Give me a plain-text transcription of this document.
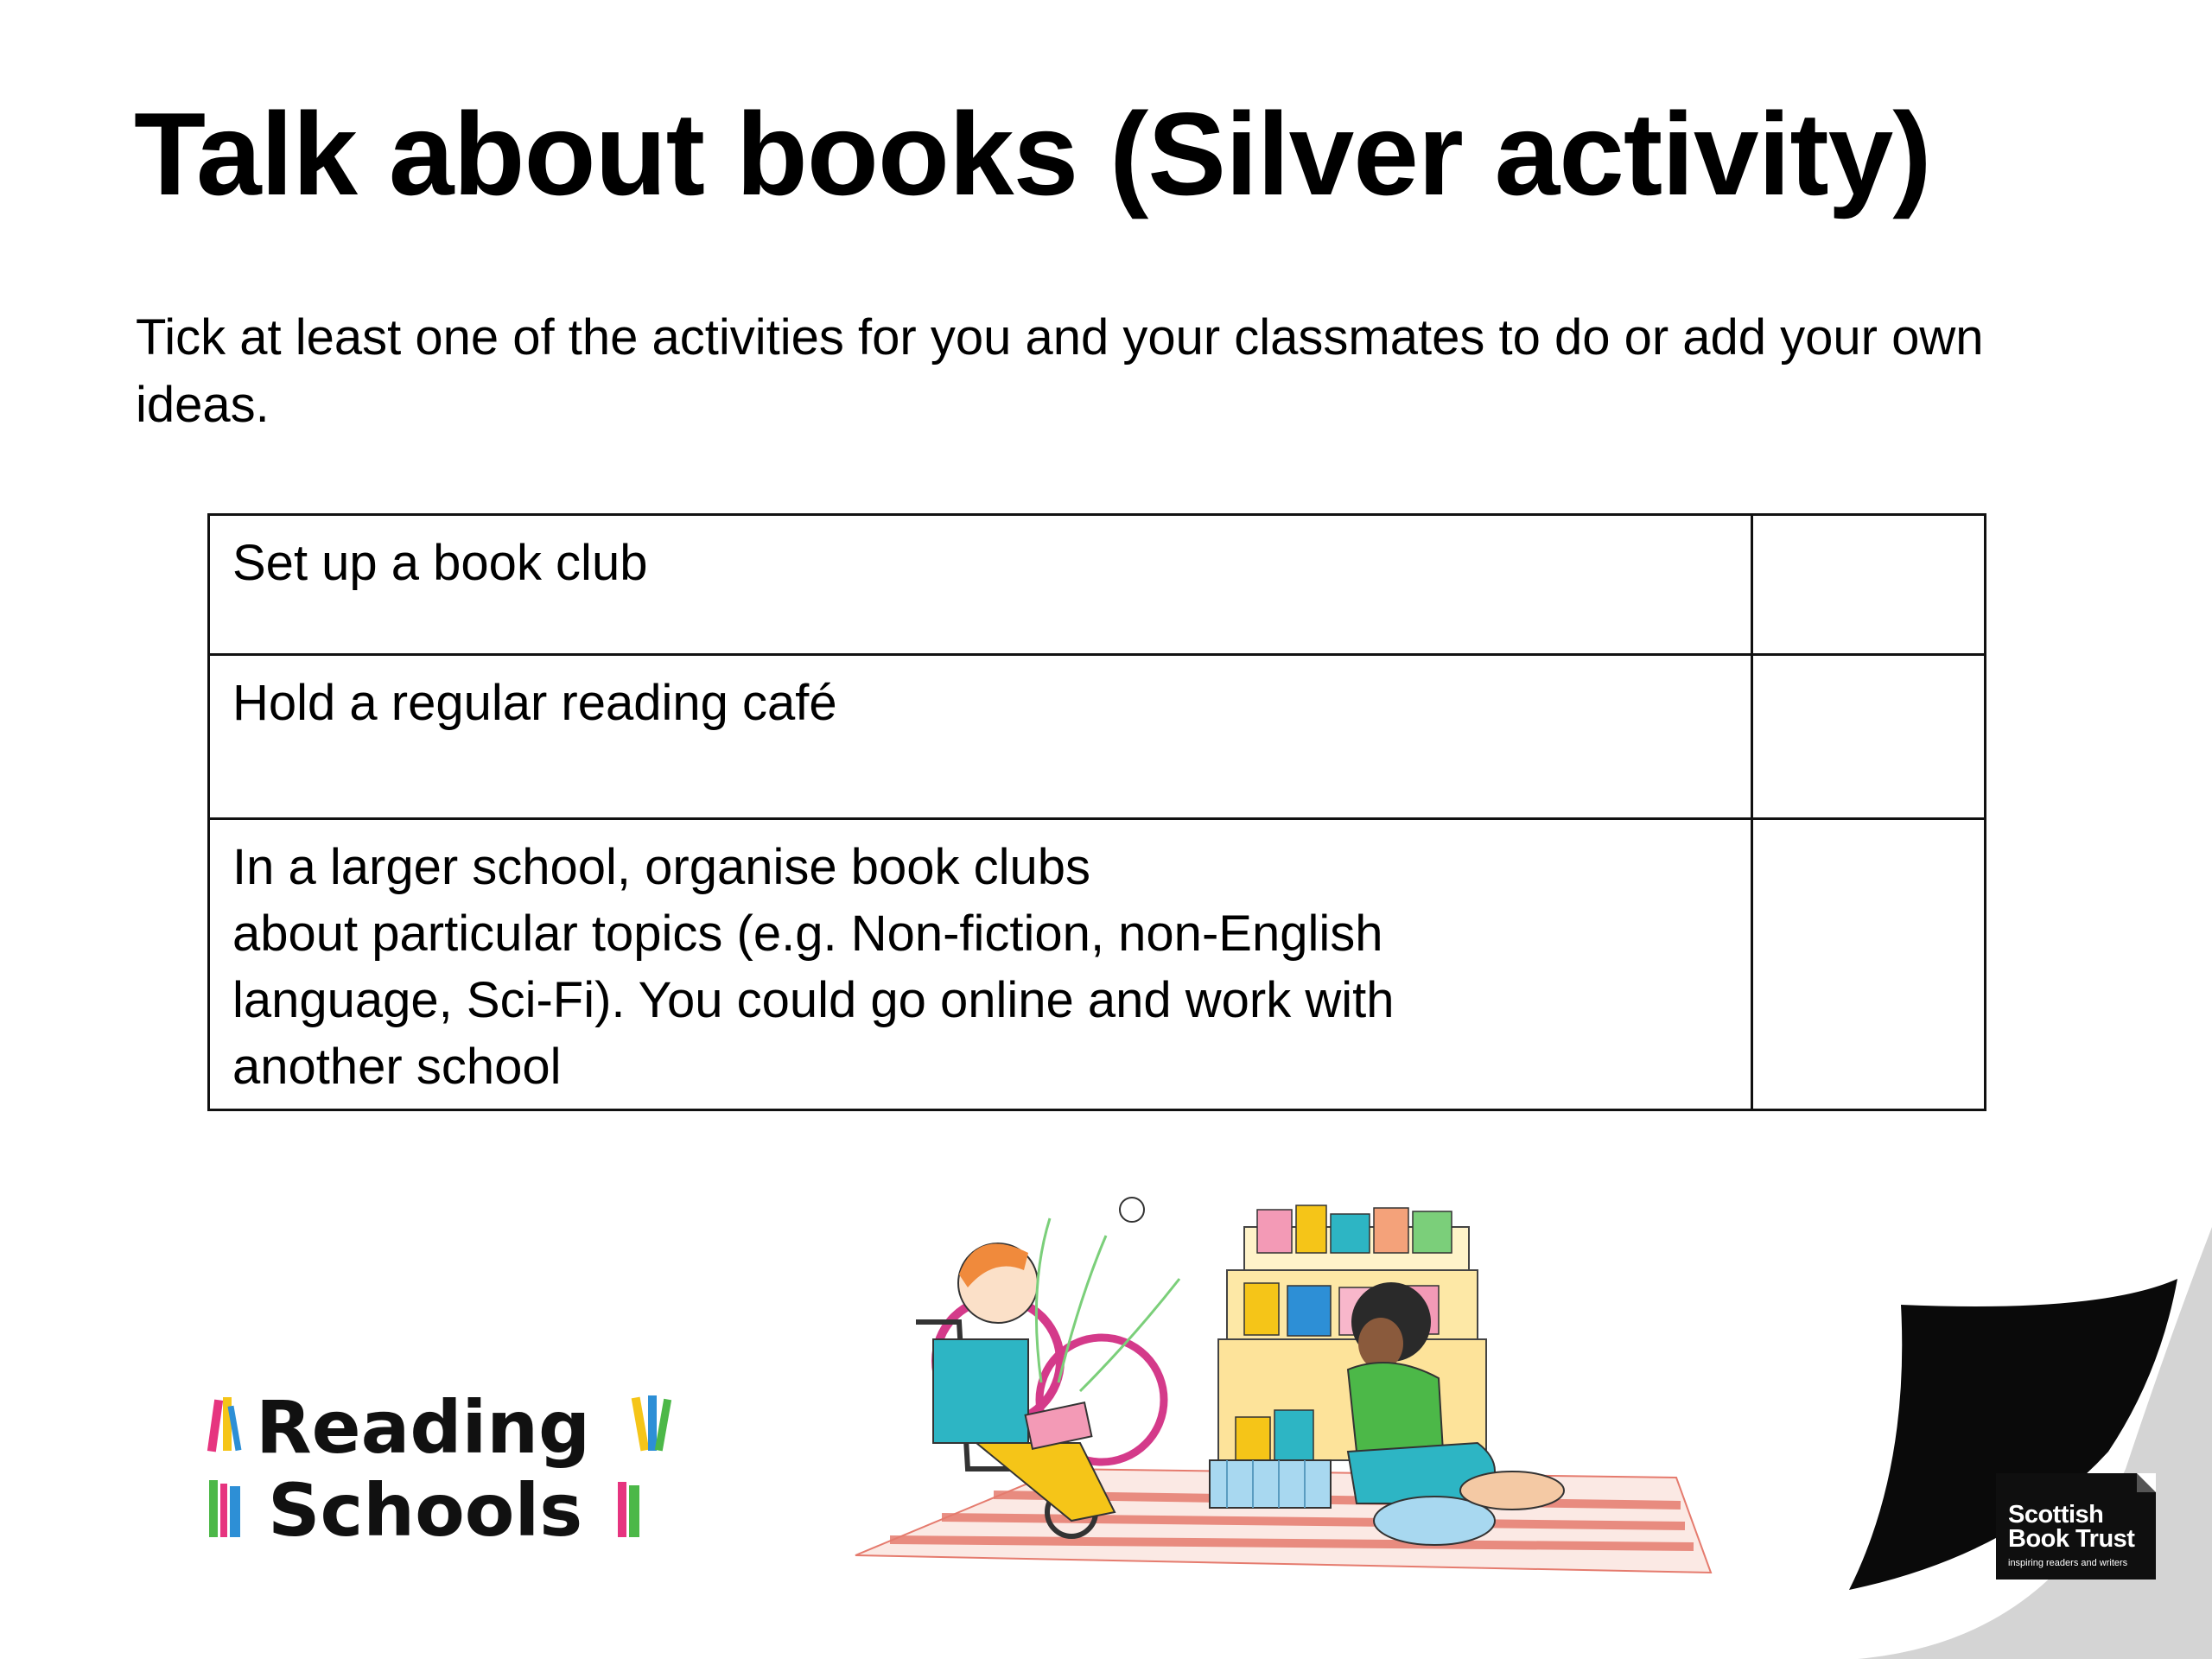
Talk about books (Silver activity)

Tick at least one of the activities for you and your classmates to do or add your own ideas.

Set up a book club	

Hold a regular reading café	

In a larger school, organise book clubs
about particular topics (e.g. Non-fiction, non-English
language, Sci-Fi). You could go online and work with
another school	
Reading
Schools	Scottish
Book Trust
inspiring readers and writers
